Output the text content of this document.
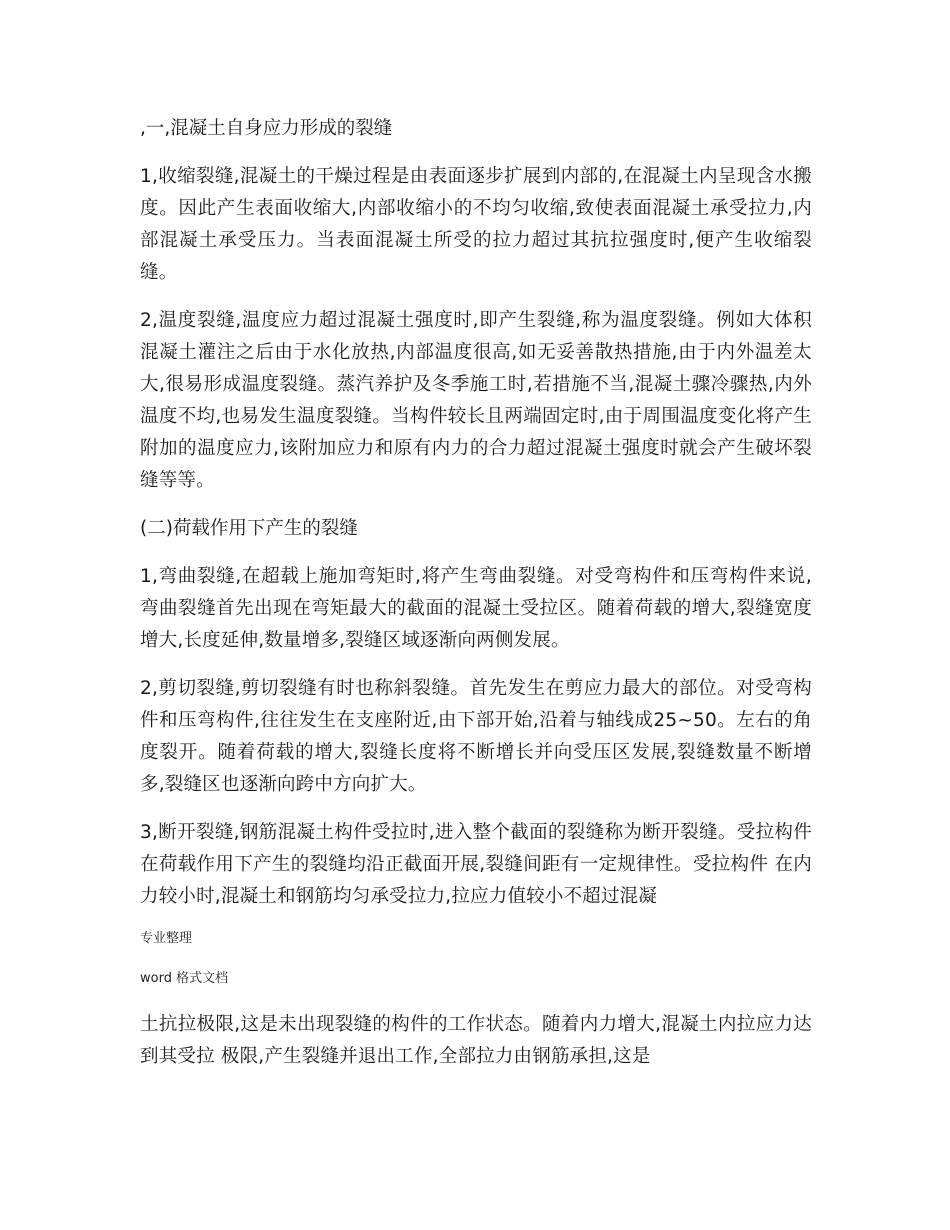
,一,混凝土自身应力形成的裂缝

1,收缩裂缝,混凝土的干燥过程是由表面逐步扩展到内部的,在混凝土内呈现含水搬度。因此产生表面收缩大,内部收缩小的不均匀收缩,致使表面混凝土承受拉力,内部混凝土承受压力。当表面混凝土所受的拉力超过其抗拉强度时,便产生收缩裂缝。

2,温度裂缝,温度应力超过混凝土强度时,即产生裂缝,称为温度裂缝。例如大体积混凝土灌注之后由于水化放热,内部温度很高,如无妥善散热措施,由于内外温差太大,很易形成温度裂缝。蒸汽养护及冬季施工时,若措施不当,混凝土骤冷骤热,内外温度不均,也易发生温度裂缝。当构件较长且两端固定时,由于周围温度变化将产生附加的温度应力,该附加应力和原有内力的合力超过混凝土强度时就会产生破坏裂缝等等。

(二)荷载作用下产生的裂缝

1,弯曲裂缝,在超载上施加弯矩时,将产生弯曲裂缝。对受弯构件和压弯构件来说,弯曲裂缝首先出现在弯矩最大的截面的混凝土受拉区。随着荷载的增大,裂缝宽度增大,长度延伸,数量增多,裂缝区域逐渐向两侧发展。

2,剪切裂缝,剪切裂缝有时也称斜裂缝。首先发生在剪应力最大的部位。对受弯构件和压弯构件,往往发生在支座附近,由下部开始,沿着与轴线成25~50。左右的角度裂开。随着荷载的增大,裂缝长度将不断增长并向受压区发展,裂缝数量不断增多,裂缝区也逐渐向跨中方向扩大。

3,断开裂缝,钢筋混凝土构件受拉时,进入整个截面的裂缝称为断开裂缝。受拉构件在荷载作用下产生的裂缝均沿正截面开展,裂缝间距有一定规律性。受拉构件 在内力较小时,混凝土和钢筋均匀承受拉力,拉应力值较小不超过混凝

专业整理

word 格式文档

土抗拉极限,这是未出现裂缝的构件的工作状态。随着内力增大,混凝土内拉应力达到其受拉 极限,产生裂缝并退出工作,全部拉力由钢筋承担,这是
